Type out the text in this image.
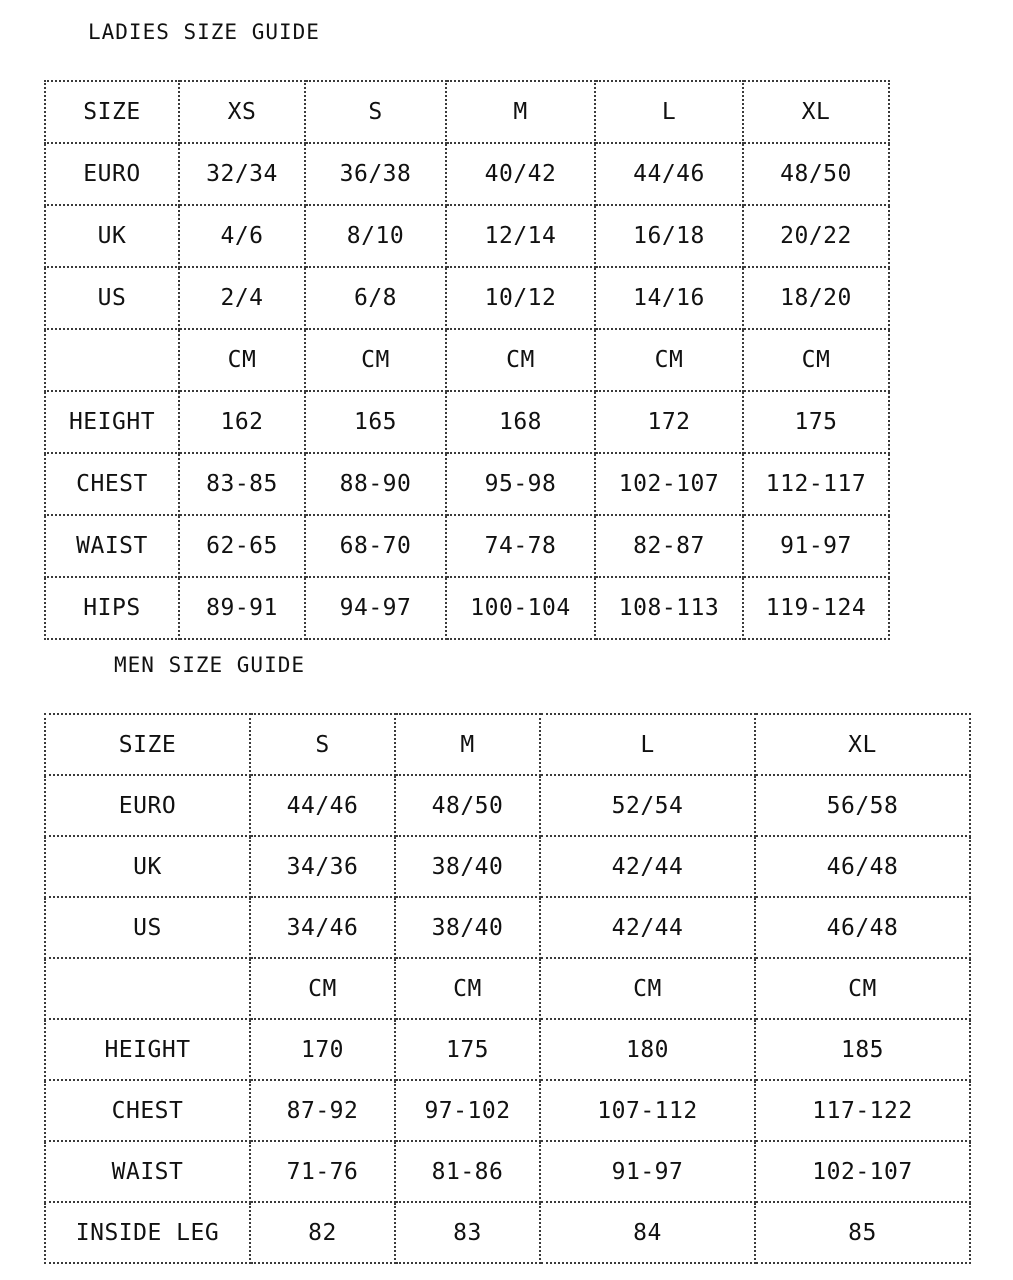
LADIES SIZE GUIDE
SIZE	XS	S	M	L	XL
EURO	32/34	36/38	40/42	44/46	48/50
UK	4/6	8/10	12/14	16/18	20/22
US	2/4	6/8	10/12	14/16	18/20
	CM	CM	CM	CM	CM
HEIGHT	162	165	168	172	175
CHEST	83-85	88-90	95-98	102-107	112-117
WAIST	62-65	68-70	74-78	82-87	91-97
HIPS	89-91	94-97	100-104	108-113	119-124
MEN SIZE GUIDE
SIZE	S	M	L	XL
EURO	44/46	48/50	52/54	56/58
UK	34/36	38/40	42/44	46/48
US	34/46	38/40	42/44	46/48
	CM	CM	CM	CM
HEIGHT	170	175	180	185
CHEST	87-92	97-102	107-112	117-122
WAIST	71-76	81-86	91-97	102-107
INSIDE LEG	82	83	84	85
